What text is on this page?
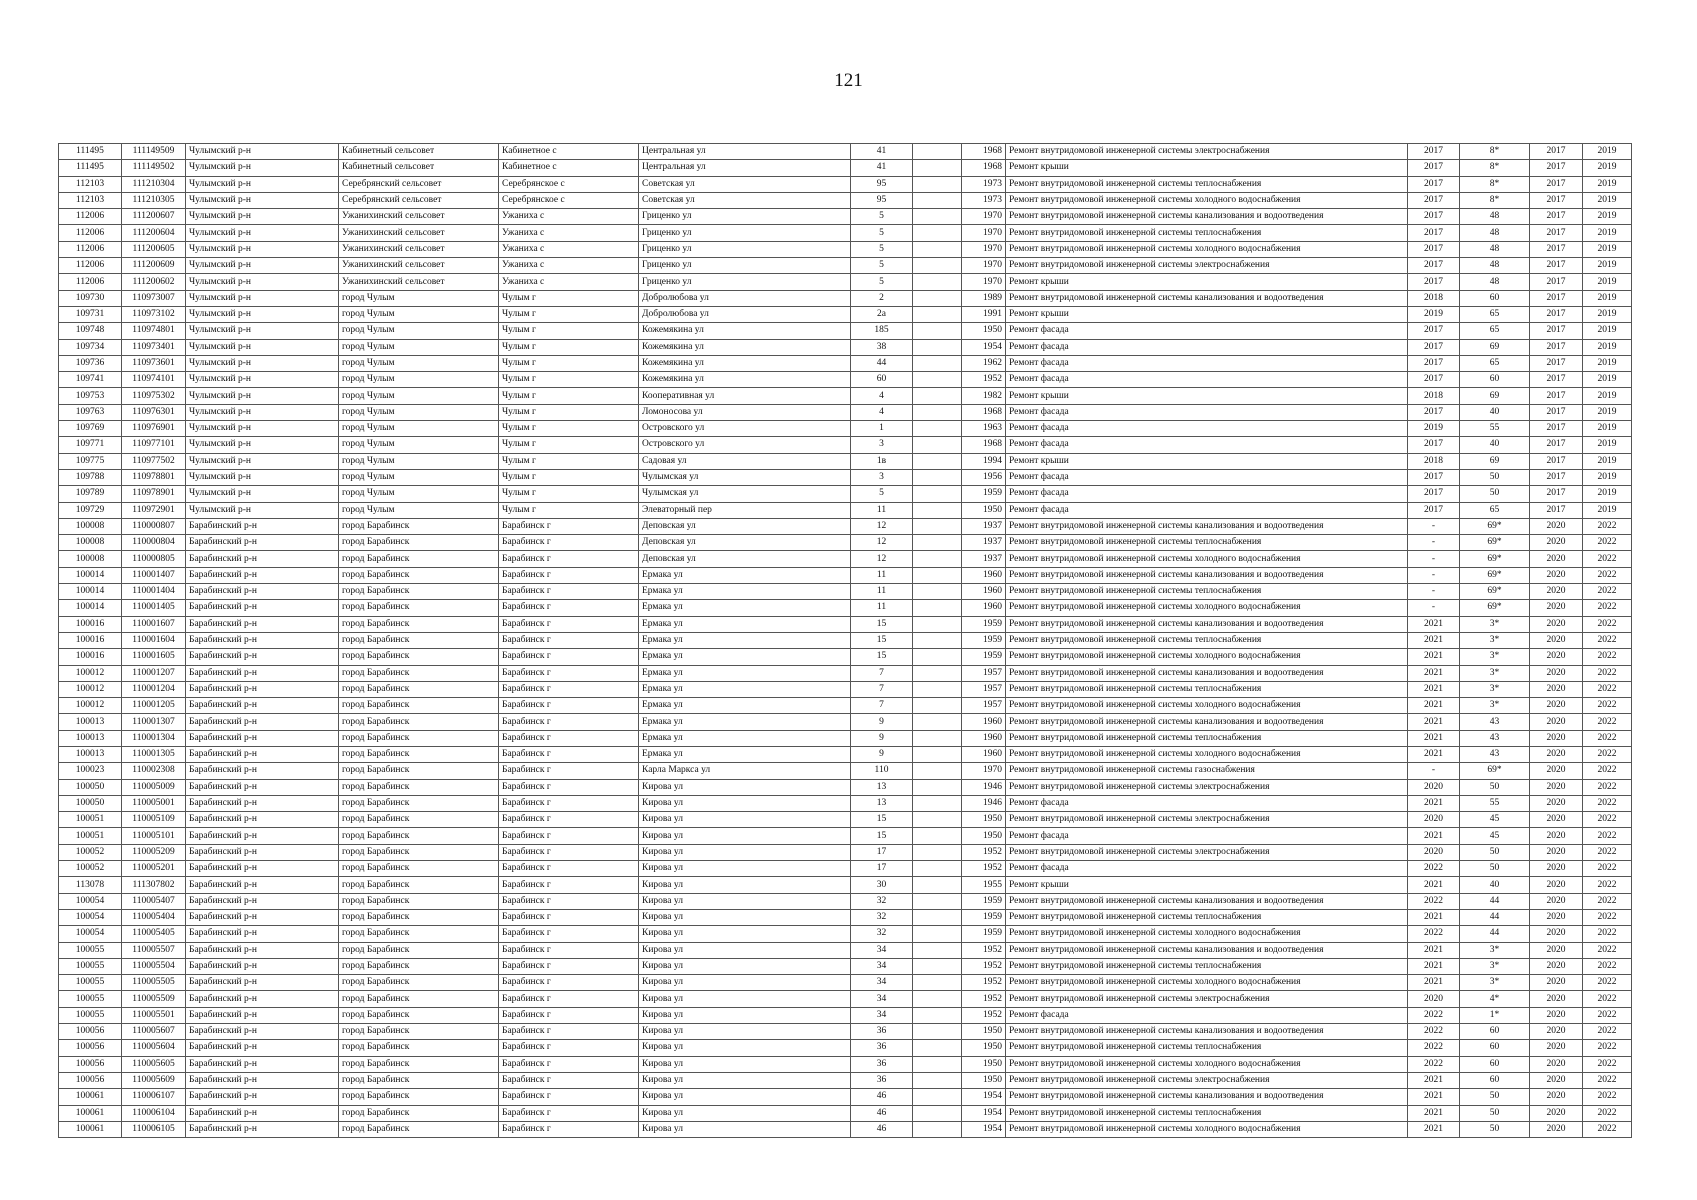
121
111495	111149509	Чулымский р-н	Кабинетный сельсовет	Кабинетное с	Центральная ул	41		1968	Ремонт внутридомовой инженерной системы электроснабжения	2017	8*	2017	2019
111495	111149502	Чулымский р-н	Кабинетный сельсовет	Кабинетное с	Центральная ул	41		1968	Ремонт крыши	2017	8*	2017	2019
112103	111210304	Чулымский р-н	Серебрянский сельсовет	Серебрянское с	Советская ул	95		1973	Ремонт внутридомовой инженерной системы теплоснабжения	2017	8*	2017	2019
112103	111210305	Чулымский р-н	Серебрянский сельсовет	Серебрянское с	Советская ул	95		1973	Ремонт внутридомовой инженерной системы холодного водоснабжения	2017	8*	2017	2019
112006	111200607	Чулымский р-н	Ужанихинский сельсовет	Ужаниха с	Гриценко ул	5		1970	Ремонт внутридомовой инженерной системы канализования и водоотведения	2017	48	2017	2019
112006	111200604	Чулымский р-н	Ужанихинский сельсовет	Ужаниха с	Гриценко ул	5		1970	Ремонт внутридомовой инженерной системы теплоснабжения	2017	48	2017	2019
112006	111200605	Чулымский р-н	Ужанихинский сельсовет	Ужаниха с	Гриценко ул	5		1970	Ремонт внутридомовой инженерной системы холодного водоснабжения	2017	48	2017	2019
112006	111200609	Чулымский р-н	Ужанихинский сельсовет	Ужаниха с	Гриценко ул	5		1970	Ремонт внутридомовой инженерной системы электроснабжения	2017	48	2017	2019
112006	111200602	Чулымский р-н	Ужанихинский сельсовет	Ужаниха с	Гриценко ул	5		1970	Ремонт крыши	2017	48	2017	2019
109730	110973007	Чулымский р-н	город Чулым	Чулым г	Добролюбова ул	2		1989	Ремонт внутридомовой инженерной системы канализования и водоотведения	2018	60	2017	2019
109731	110973102	Чулымский р-н	город Чулым	Чулым г	Добролюбова ул	2а		1991	Ремонт крыши	2019	65	2017	2019
109748	110974801	Чулымский р-н	город Чулым	Чулым г	Кожемякина ул	185		1950	Ремонт фасада	2017	65	2017	2019
109734	110973401	Чулымский р-н	город Чулым	Чулым г	Кожемякина ул	38		1954	Ремонт фасада	2017	69	2017	2019
109736	110973601	Чулымский р-н	город Чулым	Чулым г	Кожемякина ул	44		1962	Ремонт фасада	2017	65	2017	2019
109741	110974101	Чулымский р-н	город Чулым	Чулым г	Кожемякина ул	60		1952	Ремонт фасада	2017	60	2017	2019
109753	110975302	Чулымский р-н	город Чулым	Чулым г	Кооперативная ул	4		1982	Ремонт крыши	2018	69	2017	2019
109763	110976301	Чулымский р-н	город Чулым	Чулым г	Ломоносова ул	4		1968	Ремонт фасада	2017	40	2017	2019
109769	110976901	Чулымский р-н	город Чулым	Чулым г	Островского ул	1		1963	Ремонт фасада	2019	55	2017	2019
109771	110977101	Чулымский р-н	город Чулым	Чулым г	Островского ул	3		1968	Ремонт фасада	2017	40	2017	2019
109775	110977502	Чулымский р-н	город Чулым	Чулым г	Садовая ул	1в		1994	Ремонт крыши	2018	69	2017	2019
109788	110978801	Чулымский р-н	город Чулым	Чулым г	Чулымская ул	3		1956	Ремонт фасада	2017	50	2017	2019
109789	110978901	Чулымский р-н	город Чулым	Чулым г	Чулымская ул	5		1959	Ремонт фасада	2017	50	2017	2019
109729	110972901	Чулымский р-н	город Чулым	Чулым г	Элеваторный пер	11		1950	Ремонт фасада	2017	65	2017	2019
100008	110000807	Барабинский р-н	город Барабинск	Барабинск г	Деповская ул	12		1937	Ремонт внутридомовой инженерной системы канализования и водоотведения	-	69*	2020	2022
100008	110000804	Барабинский р-н	город Барабинск	Барабинск г	Деповская ул	12		1937	Ремонт внутридомовой инженерной системы теплоснабжения	-	69*	2020	2022
100008	110000805	Барабинский р-н	город Барабинск	Барабинск г	Деповская ул	12		1937	Ремонт внутридомовой инженерной системы холодного водоснабжения	-	69*	2020	2022
100014	110001407	Барабинский р-н	город Барабинск	Барабинск г	Ермака ул	11		1960	Ремонт внутридомовой инженерной системы канализования и водоотведения	-	69*	2020	2022
100014	110001404	Барабинский р-н	город Барабинск	Барабинск г	Ермака ул	11		1960	Ремонт внутридомовой инженерной системы теплоснабжения	-	69*	2020	2022
100014	110001405	Барабинский р-н	город Барабинск	Барабинск г	Ермака ул	11		1960	Ремонт внутридомовой инженерной системы холодного водоснабжения	-	69*	2020	2022
100016	110001607	Барабинский р-н	город Барабинск	Барабинск г	Ермака ул	15		1959	Ремонт внутридомовой инженерной системы канализования и водоотведения	2021	3*	2020	2022
100016	110001604	Барабинский р-н	город Барабинск	Барабинск г	Ермака ул	15		1959	Ремонт внутридомовой инженерной системы теплоснабжения	2021	3*	2020	2022
100016	110001605	Барабинский р-н	город Барабинск	Барабинск г	Ермака ул	15		1959	Ремонт внутридомовой инженерной системы холодного водоснабжения	2021	3*	2020	2022
100012	110001207	Барабинский р-н	город Барабинск	Барабинск г	Ермака ул	7		1957	Ремонт внутридомовой инженерной системы канализования и водоотведения	2021	3*	2020	2022
100012	110001204	Барабинский р-н	город Барабинск	Барабинск г	Ермака ул	7		1957	Ремонт внутридомовой инженерной системы теплоснабжения	2021	3*	2020	2022
100012	110001205	Барабинский р-н	город Барабинск	Барабинск г	Ермака ул	7		1957	Ремонт внутридомовой инженерной системы холодного водоснабжения	2021	3*	2020	2022
100013	110001307	Барабинский р-н	город Барабинск	Барабинск г	Ермака ул	9		1960	Ремонт внутридомовой инженерной системы канализования и водоотведения	2021	43	2020	2022
100013	110001304	Барабинский р-н	город Барабинск	Барабинск г	Ермака ул	9		1960	Ремонт внутридомовой инженерной системы теплоснабжения	2021	43	2020	2022
100013	110001305	Барабинский р-н	город Барабинск	Барабинск г	Ермака ул	9		1960	Ремонт внутридомовой инженерной системы холодного водоснабжения	2021	43	2020	2022
100023	110002308	Барабинский р-н	город Барабинск	Барабинск г	Карла Маркса ул	110		1970	Ремонт внутридомовой инженерной системы газоснабжения	-	69*	2020	2022
100050	110005009	Барабинский р-н	город Барабинск	Барабинск г	Кирова ул	13		1946	Ремонт внутридомовой инженерной системы электроснабжения	2020	50	2020	2022
100050	110005001	Барабинский р-н	город Барабинск	Барабинск г	Кирова ул	13		1946	Ремонт фасада	2021	55	2020	2022
100051	110005109	Барабинский р-н	город Барабинск	Барабинск г	Кирова ул	15		1950	Ремонт внутридомовой инженерной системы электроснабжения	2020	45	2020	2022
100051	110005101	Барабинский р-н	город Барабинск	Барабинск г	Кирова ул	15		1950	Ремонт фасада	2021	45	2020	2022
100052	110005209	Барабинский р-н	город Барабинск	Барабинск г	Кирова ул	17		1952	Ремонт внутридомовой инженерной системы электроснабжения	2020	50	2020	2022
100052	110005201	Барабинский р-н	город Барабинск	Барабинск г	Кирова ул	17		1952	Ремонт фасада	2022	50	2020	2022
113078	111307802	Барабинский р-н	город Барабинск	Барабинск г	Кирова ул	30		1955	Ремонт крыши	2021	40	2020	2022
100054	110005407	Барабинский р-н	город Барабинск	Барабинск г	Кирова ул	32		1959	Ремонт внутридомовой инженерной системы канализования и водоотведения	2022	44	2020	2022
100054	110005404	Барабинский р-н	город Барабинск	Барабинск г	Кирова ул	32		1959	Ремонт внутридомовой инженерной системы теплоснабжения	2021	44	2020	2022
100054	110005405	Барабинский р-н	город Барабинск	Барабинск г	Кирова ул	32		1959	Ремонт внутридомовой инженерной системы холодного водоснабжения	2022	44	2020	2022
100055	110005507	Барабинский р-н	город Барабинск	Барабинск г	Кирова ул	34		1952	Ремонт внутридомовой инженерной системы канализования и водоотведения	2021	3*	2020	2022
100055	110005504	Барабинский р-н	город Барабинск	Барабинск г	Кирова ул	34		1952	Ремонт внутридомовой инженерной системы теплоснабжения	2021	3*	2020	2022
100055	110005505	Барабинский р-н	город Барабинск	Барабинск г	Кирова ул	34		1952	Ремонт внутридомовой инженерной системы холодного водоснабжения	2021	3*	2020	2022
100055	110005509	Барабинский р-н	город Барабинск	Барабинск г	Кирова ул	34		1952	Ремонт внутридомовой инженерной системы электроснабжения	2020	4*	2020	2022
100055	110005501	Барабинский р-н	город Барабинск	Барабинск г	Кирова ул	34		1952	Ремонт фасада	2022	1*	2020	2022
100056	110005607	Барабинский р-н	город Барабинск	Барабинск г	Кирова ул	36		1950	Ремонт внутридомовой инженерной системы канализования и водоотведения	2022	60	2020	2022
100056	110005604	Барабинский р-н	город Барабинск	Барабинск г	Кирова ул	36		1950	Ремонт внутридомовой инженерной системы теплоснабжения	2022	60	2020	2022
100056	110005605	Барабинский р-н	город Барабинск	Барабинск г	Кирова ул	36		1950	Ремонт внутридомовой инженерной системы холодного водоснабжения	2022	60	2020	2022
100056	110005609	Барабинский р-н	город Барабинск	Барабинск г	Кирова ул	36		1950	Ремонт внутридомовой инженерной системы электроснабжения	2021	60	2020	2022
100061	110006107	Барабинский р-н	город Барабинск	Барабинск г	Кирова ул	46		1954	Ремонт внутридомовой инженерной системы канализования и водоотведения	2021	50	2020	2022
100061	110006104	Барабинский р-н	город Барабинск	Барабинск г	Кирова ул	46		1954	Ремонт внутридомовой инженерной системы теплоснабжения	2021	50	2020	2022
100061	110006105	Барабинский р-н	город Барабинск	Барабинск г	Кирова ул	46		1954	Ремонт внутридомовой инженерной системы холодного водоснабжения	2021	50	2020	2022
